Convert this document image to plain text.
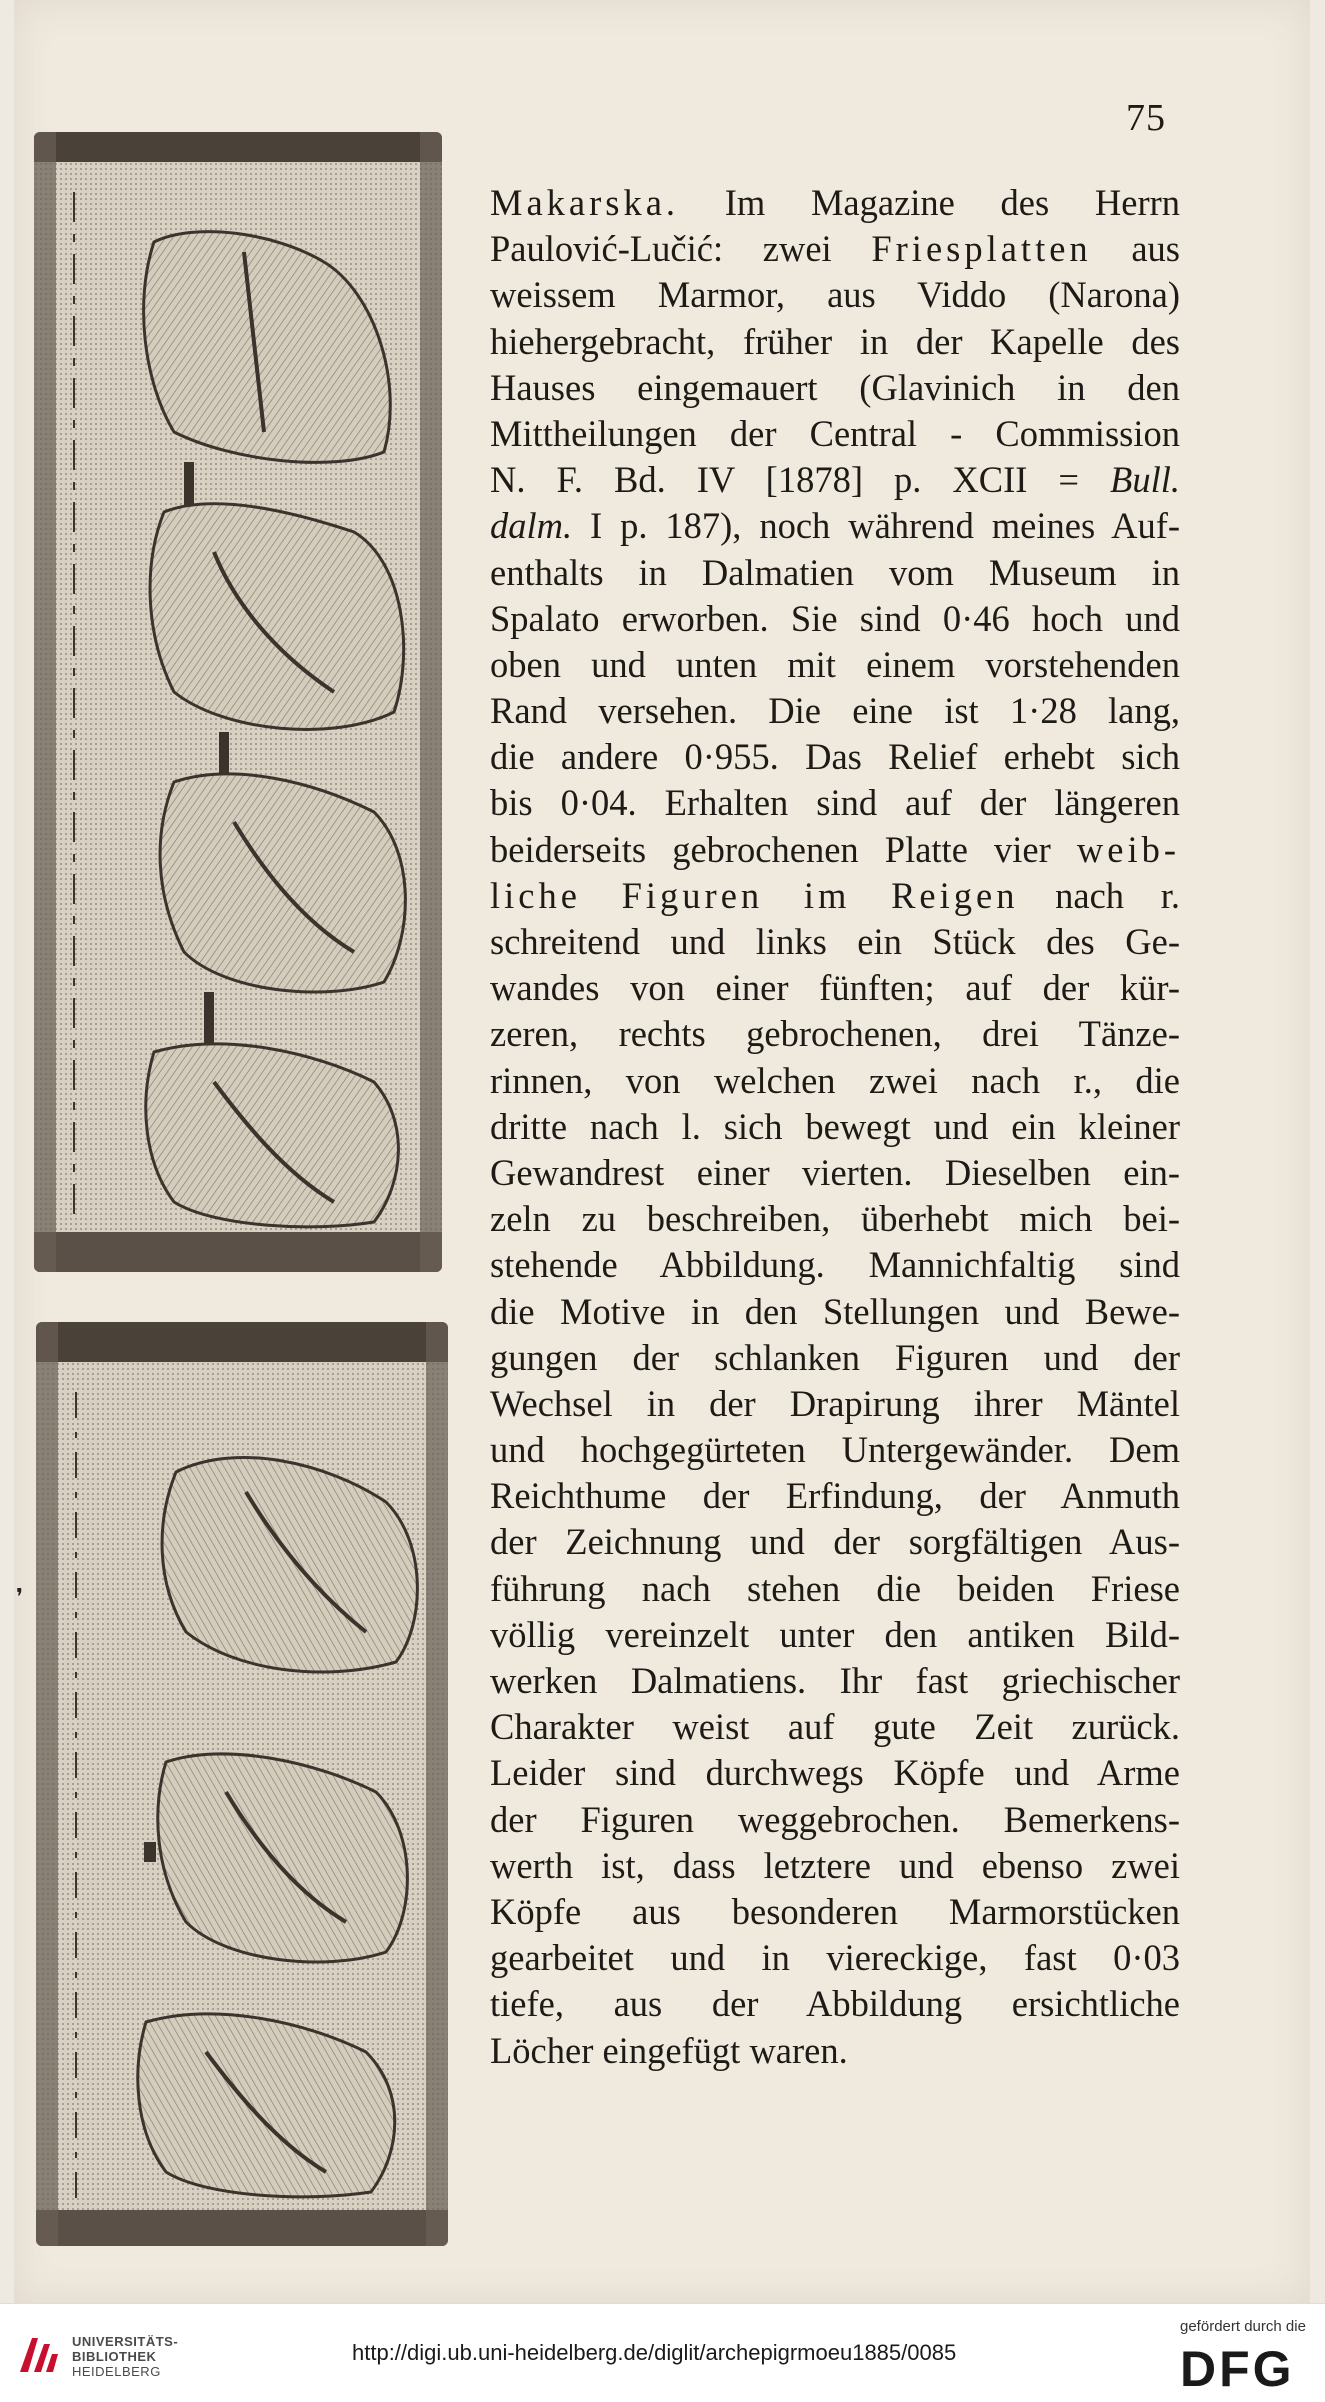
75
❜
Makarska. Im Magazine des Herrn
Paulović-Lučić: zwei Friesplatten aus
weissem Marmor, aus Viddo (Narona)
hiehergebracht, früher in der Kapelle des
Hauses eingemauert (Glavinich in den
Mittheilungen der Central - Commission
N. F. Bd. IV [1878] p. XCII = Bull.
dalm. I p. 187), noch während meines Auf-
enthalts in Dalmatien vom Museum in
Spalato erworben. Sie sind 0·46 hoch und
oben und unten mit einem vorstehenden
Rand versehen. Die eine ist 1·28 lang,
die andere 0·955. Das Relief erhebt sich
bis 0·04. Erhalten sind auf der längeren
beiderseits gebrochenen Platte vier weib-
liche Figuren im Reigen nach r.
schreitend und links ein Stück des Ge-
wandes von einer fünften; auf der kür-
zeren, rechts gebrochenen, drei Tänze-
rinnen, von welchen zwei nach r., die
dritte nach l. sich bewegt und ein kleiner
Gewandrest einer vierten. Dieselben ein-
zeln zu beschreiben, überhebt mich bei-
stehende Abbildung. Mannichfaltig sind
die Motive in den Stellungen und Bewe-
gungen der schlanken Figuren und der
Wechsel in der Drapirung ihrer Mäntel
und hochgegürteten Untergewänder. Dem
Reichthume der Erfindung, der Anmuth
der Zeichnung und der sorgfältigen Aus-
führung nach stehen die beiden Friese
völlig vereinzelt unter den antiken Bild-
werken Dalmatiens. Ihr fast griechischer
Charakter weist auf gute Zeit zurück.
Leider sind durchwegs Köpfe und Arme
der Figuren weggebrochen. Bemerkens-
werth ist, dass letztere und ebenso zwei
Köpfe aus besonderen Marmorstücken
gearbeitet und in viereckige, fast 0·03
tiefe, aus der Abbildung ersichtliche
Löcher eingefügt waren.
UNIVERSITÄTS-
BIBLIOTHEK
HEIDELBERG
http://digi.ub.uni-heidelberg.de/diglit/archepigrmoeu1885/0085
gefördert durch die
DFG
